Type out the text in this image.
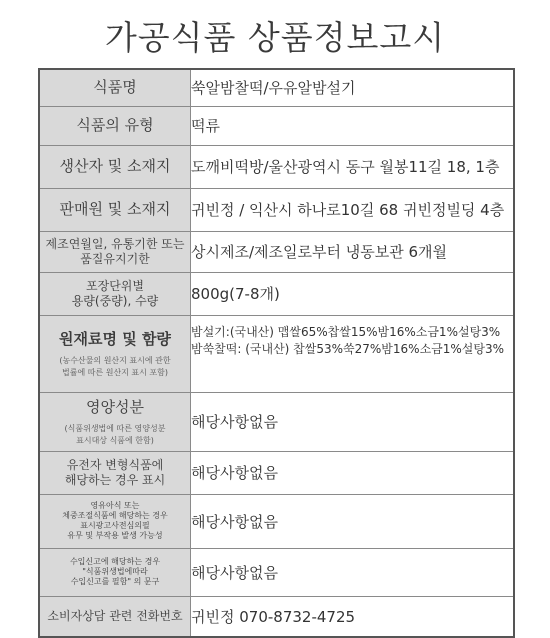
가공식품 상품정보고시
식품명	쑥알밤찰떡/우유알밤설기
식품의 유형	떡류
생산자 및 소재지	도깨비떡방/울산광역시 동구 월봉11길 18, 1층
판매원 및 소재지	귀빈정 / 익산시 하나로10길 68 귀빈정빌딩 4층
제조연월일, 유통기한 또는
품질유지기한	상시제조/제조일로부터 냉동보관 6개월
포장단위별
용량(중량), 수량	800g(7-8개)
원재료명 및 함량
(농수산물의 원산지 표시에 관한
법률에 따른 원산지 표시 포함)	밤설기:(국내산) 맵쌀65%찹쌀15%밤16%소금1%설탕3%
밤쑥찰떡: (국내산) 찹쌀53%쑥27%밤16%소금1%설탕3%
영양성분
(식품위생법에 따른 영양성분
표시대상 식품에 한함)	해당사항없음
유전자 변형식품에
해당하는 경우 표시	해당사항없음
영유아식 또는
체중조절식품에 해당하는 경우
표시광고사전심의필
유무 및 부작용 발생 가능성	해당사항없음
수입신고에 해당하는 경우
"식품위생법에따라
수입신고를 필함" 의 문구	해당사항없음
소비자상담 관련 전화번호	귀빈정 070-8732-4725
